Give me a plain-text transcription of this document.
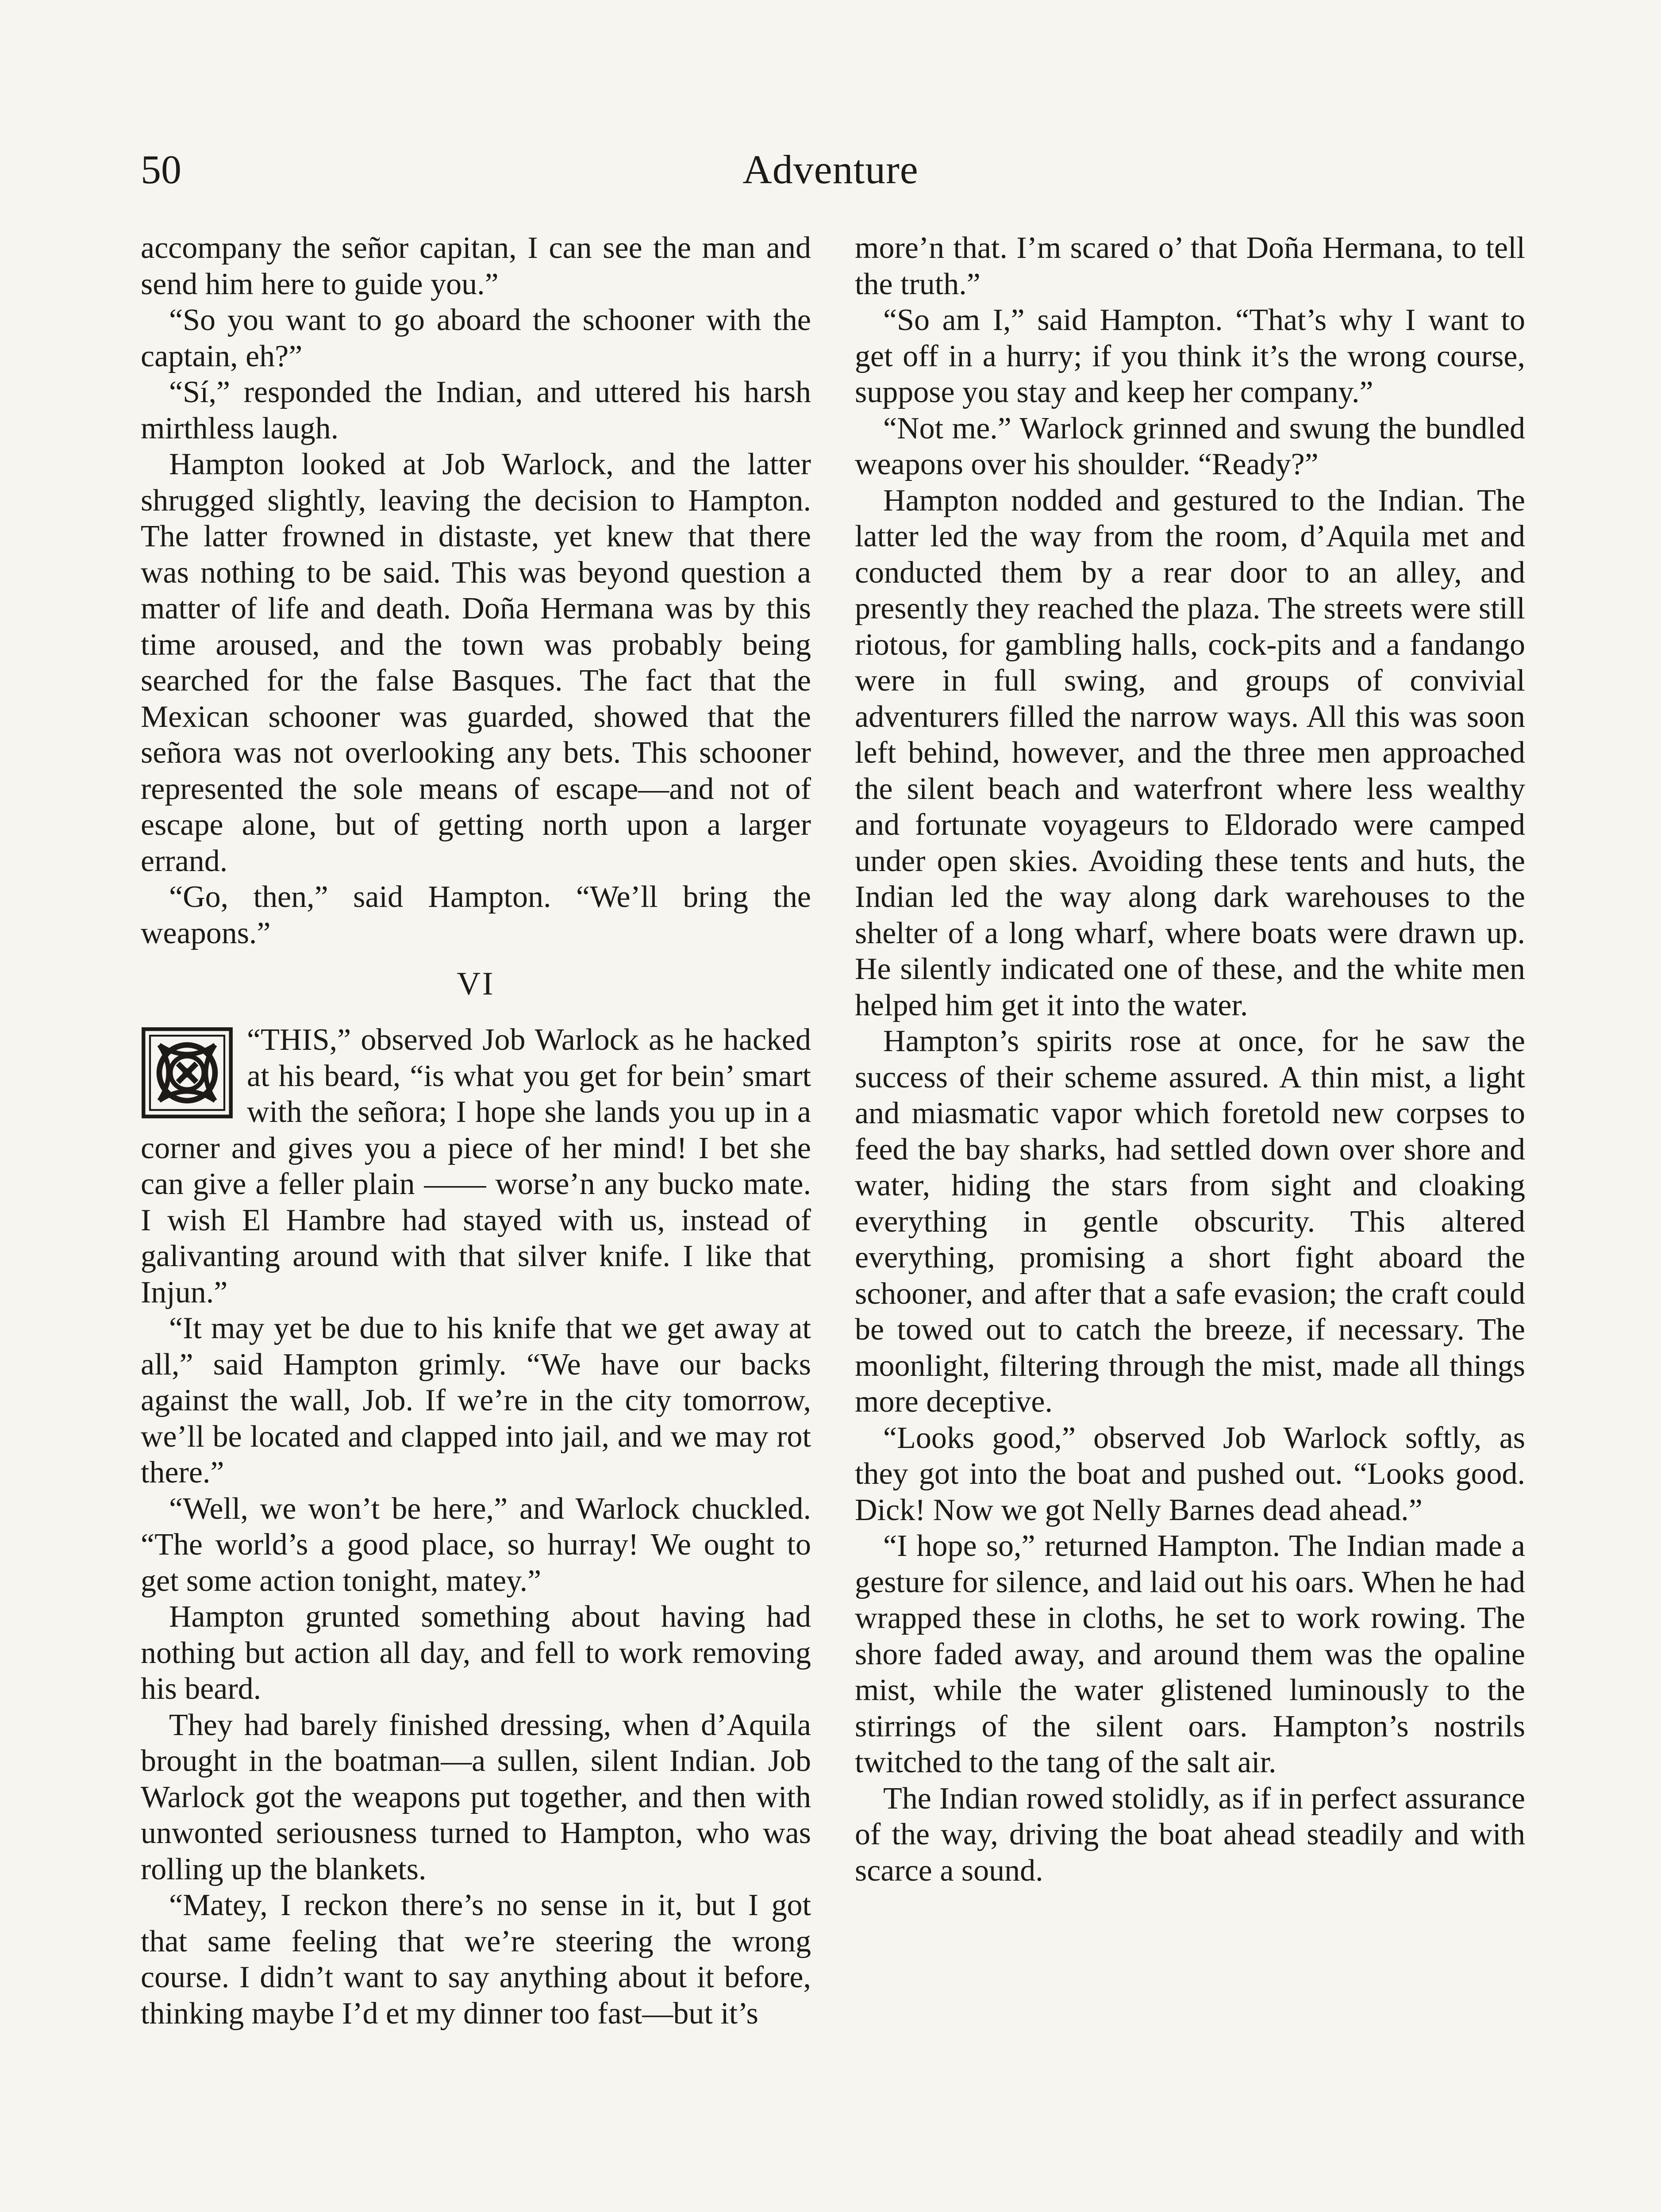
50	Adventure

accompany the señor capitan, I can see the man and send him here to guide you.”

“So you want to go aboard the schooner with the captain, eh?”

“Sí,” responded the Indian, and uttered his harsh mirthless laugh.

Hampton looked at Job Warlock, and the latter shrugged slightly, leaving the decision to Hampton. The latter frowned in distaste, yet knew that there was nothing to be said. This was beyond question a matter of life and death. Doña Hermana was by this time aroused, and the town was probably being searched for the false Basques. The fact that the Mexican schooner was guarded, showed that the señora was not overlooking any bets. This schooner represented the sole means of escape—and not of escape alone, but of getting north upon a larger errand.

“Go, then,” said Hampton. “We’ll bring the weapons.”

VI

“THIS,” observed Job Warlock as he hacked at his beard, “is what you get for bein’ smart with the señora; I hope she lands you up in a corner and gives you a piece of her mind! I bet she can give a feller plain —— worse’n any bucko mate. I wish El Hambre had stayed with us, instead of galivanting around with that silver knife. I like that Injun.”

“It may yet be due to his knife that we get away at all,” said Hampton grimly. “We have our backs against the wall, Job. If we’re in the city tomorrow, we’ll be located and clapped into jail, and we may rot there.”

“Well, we won’t be here,” and Warlock chuckled. “The world’s a good place, so hurray! We ought to get some action tonight, matey.”

Hampton grunted something about having had nothing but action all day, and fell to work removing his beard.

They had barely finished dressing, when d’Aquila brought in the boatman—a sullen, silent Indian. Job Warlock got the weapons put together, and then with unwonted seriousness turned to Hampton, who was rolling up the blankets.

“Matey, I reckon there’s no sense in it, but I got that same feeling that we’re steering the wrong course. I didn’t want to say anything about it before, thinking maybe I’d et my dinner too fast—but it’s

more’n that. I’m scared o’ that Doña Hermana, to tell the truth.”

“So am I,” said Hampton. “That’s why I want to get off in a hurry; if you think it’s the wrong course, suppose you stay and keep her company.”

“Not me.” Warlock grinned and swung the bundled weapons over his shoulder. “Ready?”

Hampton nodded and gestured to the Indian. The latter led the way from the room, d’Aquila met and conducted them by a rear door to an alley, and presently they reached the plaza. The streets were still riotous, for gambling halls, cock-pits and a fandango were in full swing, and groups of convivial adventurers filled the narrow ways. All this was soon left behind, however, and the three men approached the silent beach and waterfront where less wealthy and fortunate voyageurs to Eldorado were camped under open skies. Avoiding these tents and huts, the Indian led the way along dark warehouses to the shelter of a long wharf, where boats were drawn up. He silently indicated one of these, and the white men helped him get it into the water.

Hampton’s spirits rose at once, for he saw the success of their scheme assured. A thin mist, a light and miasmatic vapor which foretold new corpses to feed the bay sharks, had settled down over shore and water, hiding the stars from sight and cloaking everything in gentle obscurity. This altered everything, promising a short fight aboard the schooner, and after that a safe evasion; the craft could be towed out to catch the breeze, if necessary. The moonlight, filtering through the mist, made all things more deceptive.

“Looks good,” observed Job Warlock softly, as they got into the boat and pushed out. “Looks good. Dick! Now we got Nelly Barnes dead ahead.”

“I hope so,” returned Hampton. The Indian made a gesture for silence, and laid out his oars. When he had wrapped these in cloths, he set to work rowing. The shore faded away, and around them was the opaline mist, while the water glistened luminously to the stirrings of the silent oars. Hampton’s nostrils twitched to the tang of the salt air.

The Indian rowed stolidly, as if in perfect assurance of the way, driving the boat ahead steadily and with scarce a sound.
